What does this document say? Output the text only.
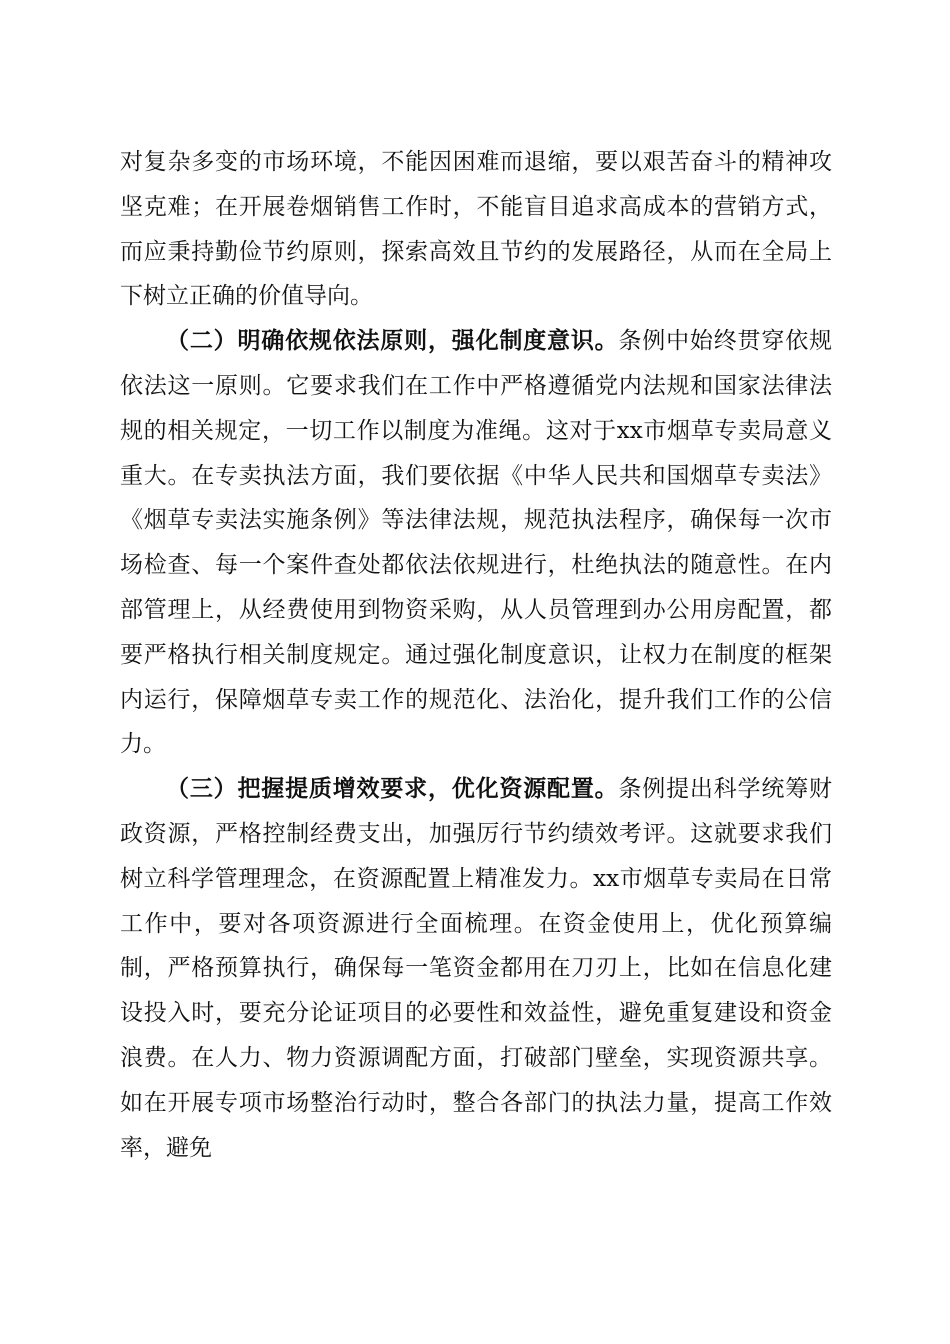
对复杂多变的市场环境，不能因困难而退缩，要以艰苦奋斗的精神攻坚克难；在开展卷烟销售工作时，不能盲目追求高成本的营销方式，而应秉持勤俭节约原则，探索高效且节约的发展路径，从而在全局上下树立正确的价值导向。

（二）明确依规依法原则，强化制度意识。条例中始终贯穿依规依法这一原则。它要求我们在工作中严格遵循党内法规和国家法律法规的相关规定，一切工作以制度为准绳。这对于xx市烟草专卖局意义重大。在专卖执法方面，我们要依据《中华人民共和国烟草专卖法》《烟草专卖法实施条例》等法律法规，规范执法程序，确保每一次市场检查、每一个案件查处都依法依规进行，杜绝执法的随意性。在内部管理上，从经费使用到物资采购，从人员管理到办公用房配置，都要严格执行相关制度规定。通过强化制度意识，让权力在制度的框架内运行，保障烟草专卖工作的规范化、法治化，提升我们工作的公信力。

（三）把握提质增效要求，优化资源配置。条例提出科学统筹财政资源，严格控制经费支出，加强厉行节约绩效考评。这就要求我们树立科学管理理念，在资源配置上精准发力。xx市烟草专卖局在日常工作中，要对各项资源进行全面梳理。在资金使用上，优化预算编制，严格预算执行，确保每一笔资金都用在刀刃上，比如在信息化建设投入时，要充分论证项目的必要性和效益性，避免重复建设和资金浪费。在人力、物力资源调配方面，打破部门壁垒，实现资源共享。如在开展专项市场整治行动时，整合各部门的执法力量，提高工作效率，避免
